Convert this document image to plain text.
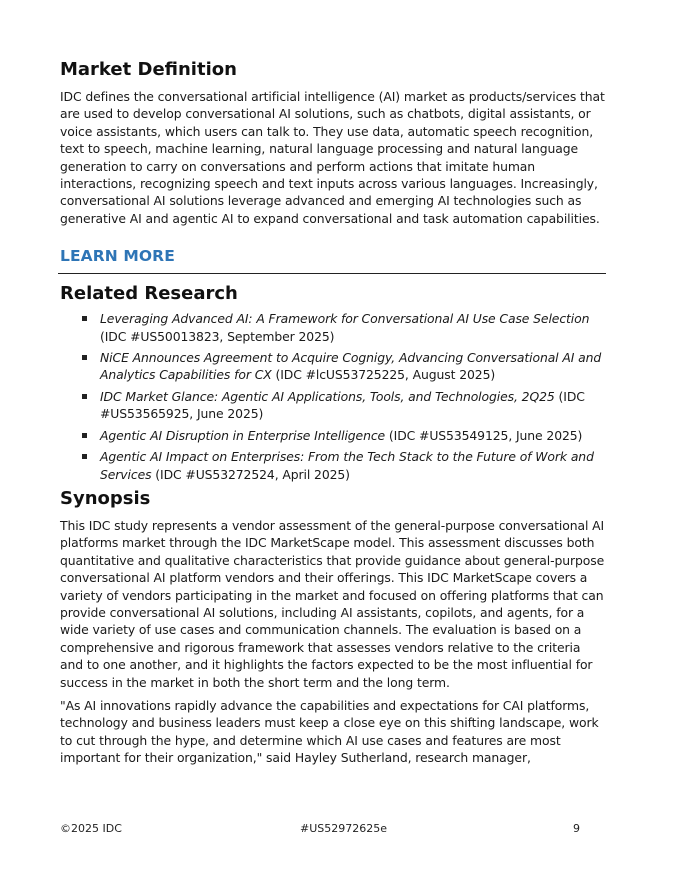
Market Definition

IDC defines the conversational artificial intelligence (AI) market as products/services that are used to develop conversational AI solutions, such as chatbots, digital assistants, or voice assistants, which users can talk to. They use data, automatic speech recognition, text to speech, machine learning, natural language processing and natural language generation to carry on conversations and perform actions that imitate human interactions, recognizing speech and text inputs across various languages. Increasingly, conversational AI solutions leverage advanced and emerging AI technologies such as generative AI and agentic AI to expand conversational and task automation capabilities.

LEARN MORE
Related Research
Leveraging Advanced AI: A Framework for Conversational AI Use Case Selection (IDC #US50013823, September 2025)
NiCE Announces Agreement to Acquire Cognigy, Advancing Conversational AI and Analytics Capabilities for CX (IDC #lcUS53725225, August 2025)
IDC Market Glance: Agentic AI Applications, Tools, and Technologies, 2Q25 (IDC #US53565925, June 2025)
Agentic AI Disruption in Enterprise Intelligence (IDC #US53549125, June 2025)
Agentic AI Impact on Enterprises: From the Tech Stack to the Future of Work and Services (IDC #US53272524, April 2025)
Synopsis

This IDC study represents a vendor assessment of the general-purpose conversational AI platforms market through the IDC MarketScape model. This assessment discusses both quantitative and qualitative characteristics that provide guidance about general-purpose conversational AI platform vendors and their offerings. This IDC MarketScape covers a variety of vendors participating in the market and focused on offering platforms that can provide conversational AI solutions, including AI assistants, copilots, and agents, for a wide variety of use cases and communication channels. The evaluation is based on a comprehensive and rigorous framework that assesses vendors relative to the criteria and to one another, and it highlights the factors expected to be the most influential for success in the market in both the short term and the long term.

"As AI innovations rapidly advance the capabilities and expectations for CAI platforms, technology and business leaders must keep a close eye on this shifting landscape, work to cut through the hype, and determine which AI use cases and features are most important for their organization," said Hayley Sutherland, research manager,

©2025 IDC	#US52972625e	9
